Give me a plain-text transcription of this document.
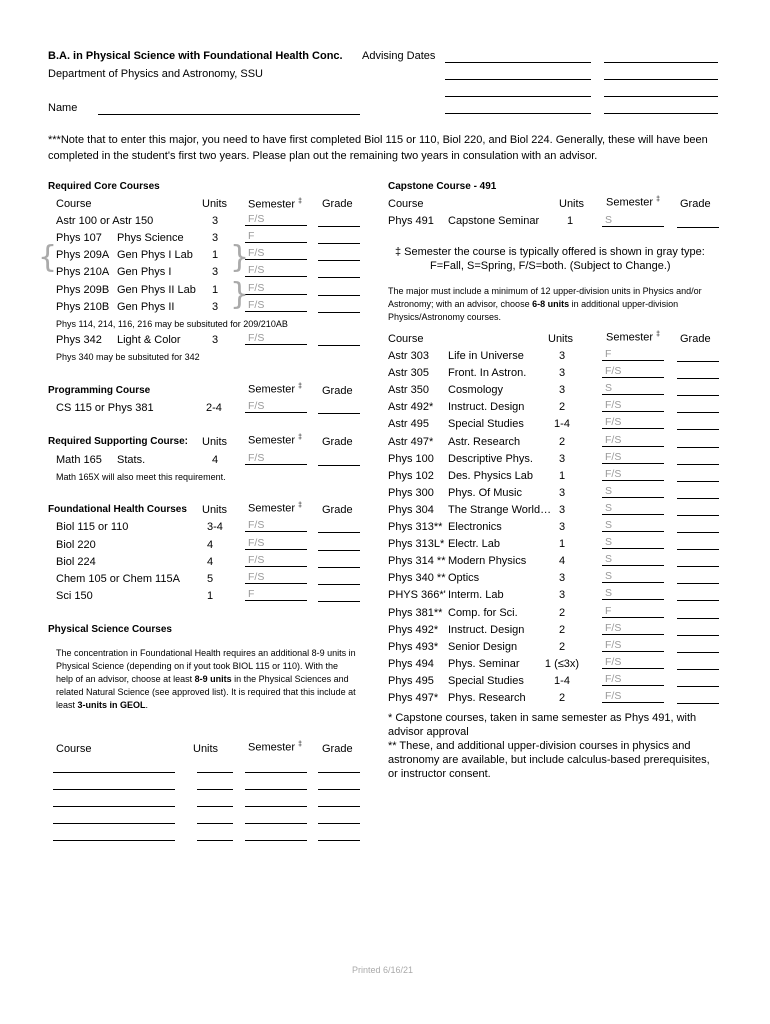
B.A. in Physical Science with Foundational Health Conc.
Department of Physics and Astronomy, SSU
Advising Dates
Name
***Note that to enter this major, you need to have first completed Biol 115 or 110, Biol 220, and Biol 224. Generally, these will have been completed in the student's first two years. Please plan out the remaining two years in consulation with an advisor.
Required Core Courses
Course	Units Semester ‡ Grade
Astr 100 or Astr 150	3	F/S
Phys 107 Phys Science	3	F
Phys 209A Gen Phys I Lab 1	F/S
Phys 210A Gen Phys I	3	F/S
Phys 209B Gen Phys II Lab 1	F/S
Phys 210B Gen Phys II	3	F/S
Phys 342 Light & Color	3	F/S
{	}
}
Phys 114, 214, 116, 216 may be subsituted for 209/210AB
Phys 340 may be subsituted for 342
Programming Course	Semester ‡ Grade
CS 115 or Phys 381	2-4 F/S
Required Supporting Course: Units Semester ‡ Grade
Math 165 Stats.	4	F/S
Math 165X will also meet this requirement.
Foundational Health Courses Units Semester ‡ Grade
Biol 115 or 110	3-4 F/S
Biol 220	4	F/S
Biol 224	4	F/S
Chem 105 or Chem 115A 5	F/S
Sci 150	1	F
Physical Science Courses
The concentration in Foundational Health requires an additional 8-9 units in Physical Science (depending on if yout took BIOL 115 or 110). With the help of an advisor, choose at least 8-9 units in the Physical Sciences and related Natural Science (see approved list). It is required that this include at least 3-units in GEOL.
Course	Units	Semester ‡ Grade
Capstone Course - 491
Course	Units Semester ‡ Grade
Phys 491 Capstone Seminar	1	S
‡ Semester the course is typically offered is shown in gray type:
F=Fall, S=Spring, F/S=both. (Subject to Change.)
The major must include a minimum of 12 upper-division units in Physics and/or Astronomy; with an advisor, choose 6-8 units in additional upper-division Physics/Astronomy courses.
Course	Units	Semester ‡ Grade
Astr 303 Life in Universe	3	F
Astr 305 Front. In Astron.	3	F/S
Astr 350 Cosmology	3	S
Astr 492* Instruct. Design	2	F/S
Astr 495 Special Studies	1-4	F/S
Astr 497* Astr. Research	2	F/S
Phys 100 Descriptive Phys.	3	F/S
Phys 102 Des. Physics Lab	1	F/S
Phys 300 Phys. Of Music	3	S
Phys 304 The Strange World… 3	S
Phys 313** Electronics	3	S
Phys 313L* Electr. Lab	1	S
Phys 314 ** Modern Physics	4	S
Phys 340 ** Optics	3	S
PHYS 366*' Interm. Lab	3	S
Phys 381** Comp. for Sci.	2	F
Phys 492* Instruct. Design	2	F/S
Phys 493* Senior Design	2	F/S
Phys 494 Phys. Seminar 1 (≤3x) F/S
Phys 495 Special Studies	1-4	F/S
Phys 497* Phys. Research	2	F/S
* Capstone courses, taken in same semester as Phys 491, with advisor approval
** These, and additional upper-division courses in physics and astronomy are available, but include calculus-based prerequisites, or instructor consent.
Printed 6/16/21
